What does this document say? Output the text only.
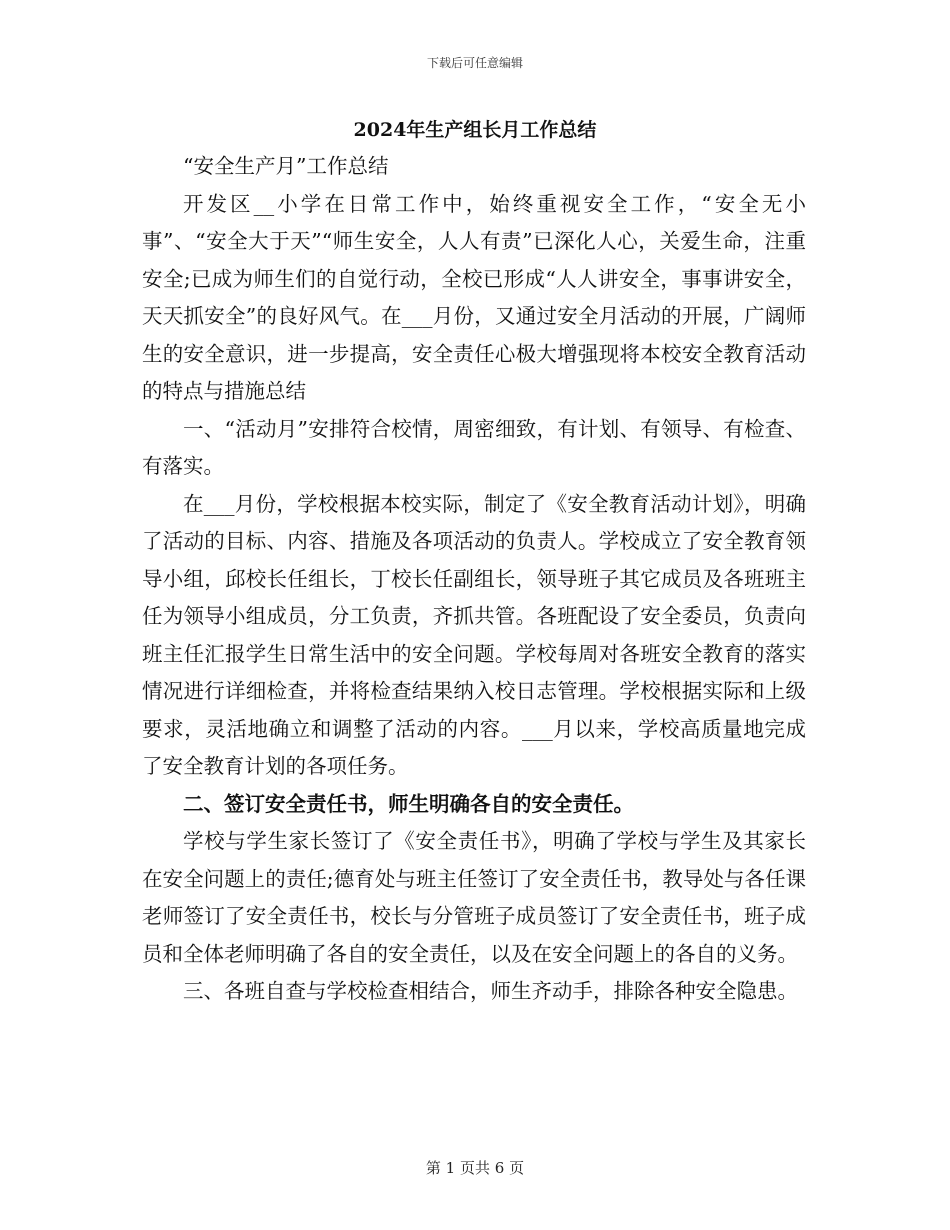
下载后可任意编辑
2024年生产组长月工作总结

“安全生产月”工作总结

开发区__小学在日常工作中，始终重视安全工作，“安全无小事”、“安全大于天”“师生安全，人人有责”已深化人心，关爱生命，注重安全;已成为师生们的自觉行动，全校已形成“人人讲安全，事事讲安全，天天抓安全”的良好风气。在___月份，又通过安全月活动的开展，广阔师生的安全意识，进一步提高，安全责任心极大增强现将本校安全教育活动的特点与措施总结

一、“活动月”安排符合校情，周密细致，有计划、有领导、有检查、有落实。

在___月份，学校根据本校实际，制定了《安全教育活动计划》，明确了活动的目标、内容、措施及各项活动的负责人。学校成立了安全教育领导小组，邱校长任组长，丁校长任副组长，领导班子其它成员及各班班主任为领导小组成员，分工负责，齐抓共管。各班配设了安全委员，负责向班主任汇报学生日常生活中的安全问题。学校每周对各班安全教育的落实情况进行详细检查，并将检查结果纳入校日志管理。学校根据实际和上级要求，灵活地确立和调整了活动的内容。___月以来，学校高质量地完成了安全教育计划的各项任务。

二、签订安全责任书，师生明确各自的安全责任。

学校与学生家长签订了《安全责任书》，明确了学校与学生及其家长在安全问题上的责任;德育处与班主任签订了安全责任书，教导处与各任课老师签订了安全责任书，校长与分管班子成员签订了安全责任书，班子成员和全体老师明确了各自的安全责任，以及在安全问题上的各自的义务。

三、各班自查与学校检查相结合，师生齐动手，排除各种安全隐患。

第 1 页共 6 页
